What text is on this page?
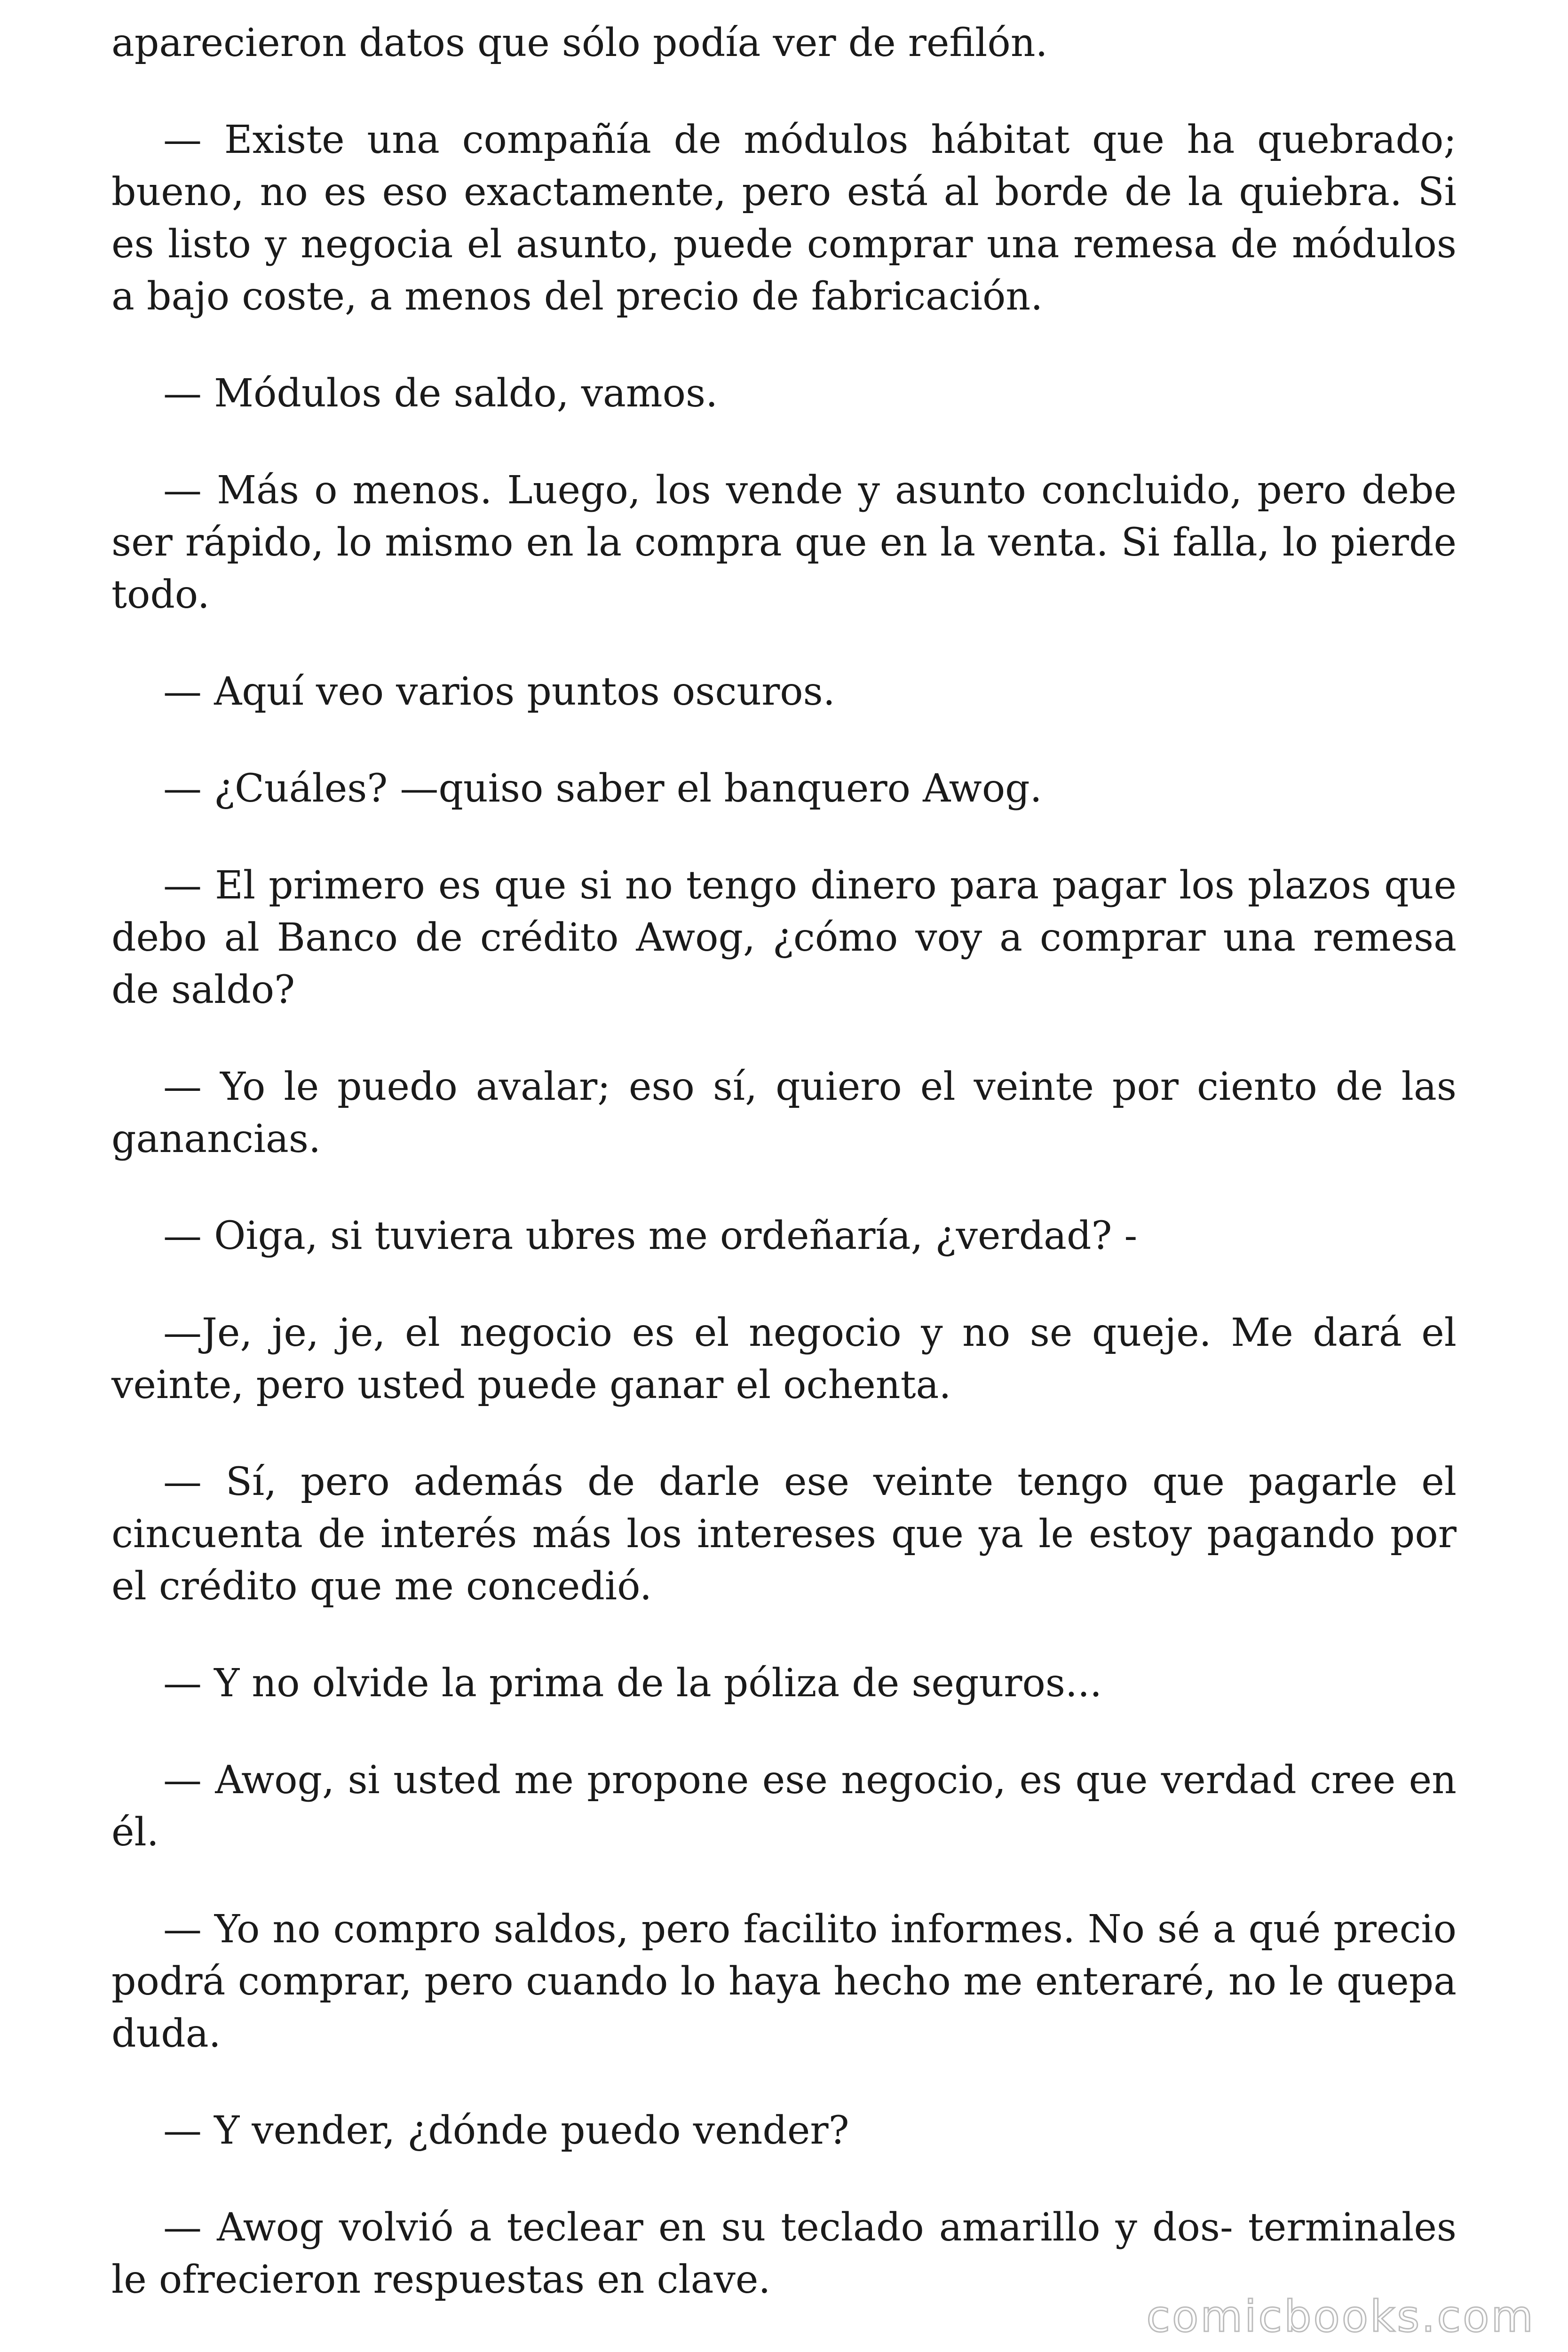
aparecieron datos que sólo podía ver de refilón.

— Existe una compañía de módulos hábitat que ha quebrado; bueno, no es eso exactamente, pero está al borde de la quiebra. Si es listo y negocia el asunto, puede comprar una remesa de módulos a bajo coste, a menos del precio de fabricación.

— Módulos de saldo, vamos.

— Más o menos. Luego, los vende y asunto concluido, pero debe ser rápido, lo mismo en la compra que en la venta. Si falla, lo pierde todo.

— Aquí veo varios puntos oscuros.

— ¿Cuáles? —quiso saber el banquero Awog.

— El primero es que si no tengo dinero para pagar los plazos que debo al Banco de crédito Awog, ¿cómo voy a comprar una remesa de saldo?

— Yo le puedo avalar; eso sí, quiero el veinte por ciento de las ganancias.

— Oiga, si tuviera ubres me ordeñaría, ¿verdad? -

—Je, je, je, el negocio es el negocio y no se queje. Me dará el veinte, pero usted puede ganar el ochenta.

— Sí, pero además de darle ese veinte tengo que pagarle el cincuenta de interés más los intereses que ya le estoy pagando por el crédito que me concedió.

— Y no olvide la prima de la póliza de seguros...

— Awog, si usted me propone ese negocio, es que verdad cree en él.

— Yo no compro saldos, pero facilito informes. No sé a qué precio podrá comprar, pero cuando lo haya hecho me enteraré, no le quepa duda.

— Y vender, ¿dónde puedo vender?

— Awog volvió a teclear en su teclado amarillo y dos- terminales le ofrecieron respuestas en clave.

comicbooks.com
